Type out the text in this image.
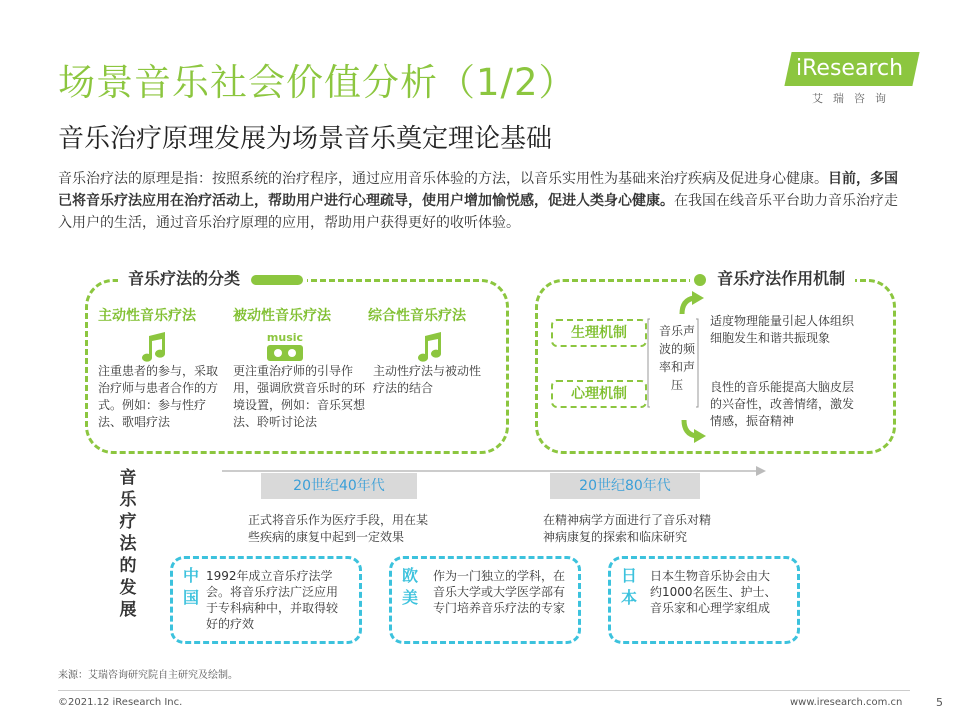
场景音乐社会价值分析（1/2）
音乐治疗原理发展为场景音乐奠定理论基础
iResearch
艾瑞咨询
音乐治疗法的原理是指：按照系统的治疗程序，通过应用音乐体验的方法，以音乐实用性为基础来治疗疾病及促进身心健康。目前，多国已将音乐疗法应用在治疗活动上，帮助用户进行心理疏导，使用户增加愉悦感，促进人类身心健康。在我国在线音乐平台助力音乐治疗走入用户的生活，通过音乐治疗原理的应用，帮助用户获得更好的收听体验。
音乐疗法的分类
主动性音乐疗法	被动性音乐疗法	综合性音乐疗法
music
注重患者的参与，采取治疗师与患者合作的方式。例如：参与性疗法、歌唱疗法
更注重治疗师的引导作用，强调欣赏音乐时的环境设置，例如：音乐冥想法、聆听讨论法
主动性疗法与被动性疗法的结合
音乐疗法作用机制
生理机制
心理机制
音乐声波的频率和声压
适度物理能量引起人体组织细胞发生和谐共振现象
良性的音乐能提高大脑皮层的兴奋性，改善情绪，激发情感，振奋精神
音乐疗法的发展
20世纪40年代	20世纪80年代
正式将音乐作为医疗手段，用在某些疾病的康复中起到一定效果
在精神病学方面进行了音乐对精神病康复的探索和临床研究
中国
1992年成立音乐疗法学会。将音乐疗法广泛应用于专科病种中，并取得较好的疗效
欧美
作为一门独立的学科，在音乐大学或大学医学部有专门培养音乐疗法的专家
日本
日本生物音乐协会由大约1000名医生、护士、音乐家和心理学家组成
来源：艾瑞咨询研究院自主研究及绘制。
©2021.12 iResearch Inc.	www.iresearch.com.cn	5
